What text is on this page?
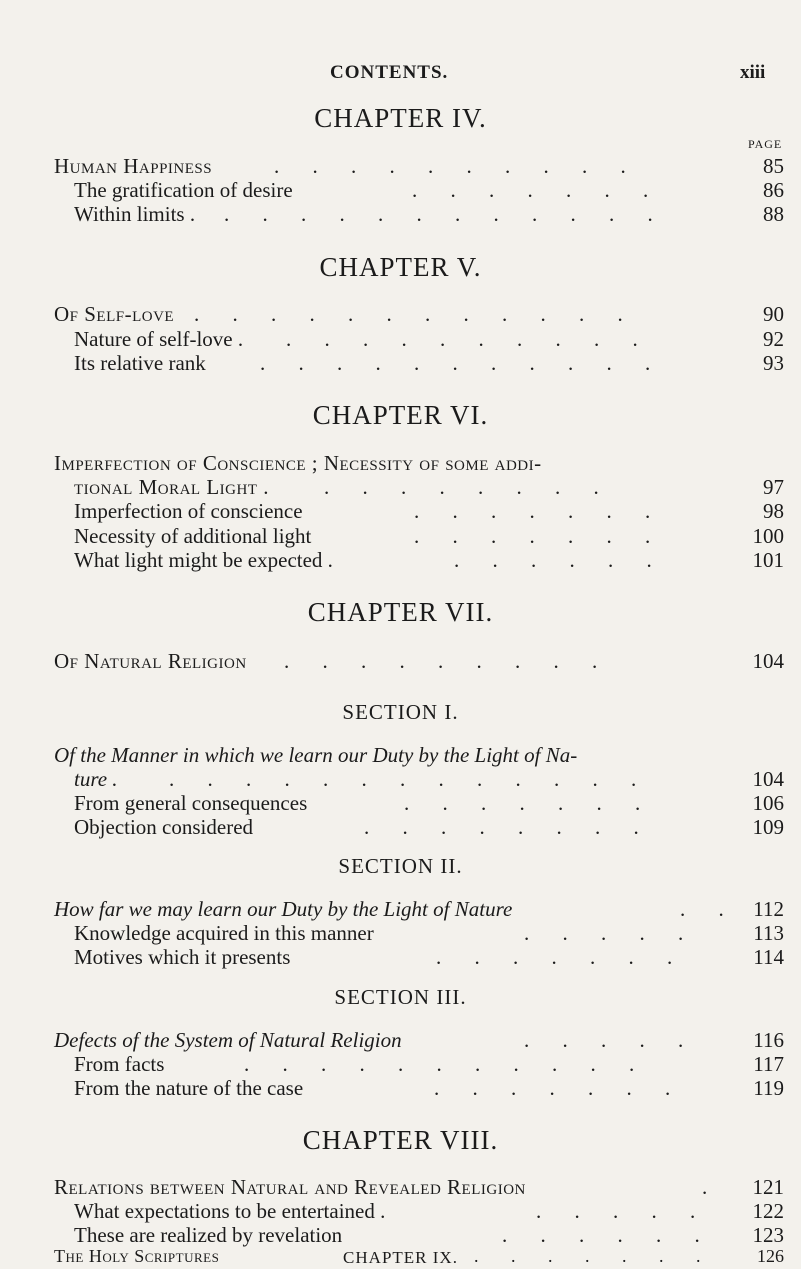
CONTENTS.	xiii
CHAPTER IV.
PAGE
Human Happiness	. . . . . . . . . .	85
The gratification of desire	. . . . . . .	86
Within limits . . . . . . . . . . . . .	88
CHAPTER V.
Of Self-love . . . . . . . . . . . .	90
Nature of self-love . . . . . . . . . . .	92
Its relative rank	. . . . . . . . . . .	93
CHAPTER VI.
Imperfection of Conscience ; Necessity of some addi-
tional Moral Light .	. . . . . . . .	97
Imperfection of conscience	. . . . . . .	98
Necessity of additional light	. . . . . . .	100
What light might be expected .	. . . . . .	101
CHAPTER VII.
Of Natural Religion . . . . . . . . .	104
SECTION I.
Of the Manner in which we learn our Duty by the Light of Na-
ture . . . . . . . . . . . . . .	104
From general consequences	. . . . . . .	106
Objection considered	. . . . . . . .	109
SECTION II.
How far we may learn our Duty by the Light of Nature	. . 112
Knowledge acquired in this manner	. . . . .	113
Motives which it presents	. . . . . . .	114
SECTION III.
Defects of the System of Natural Religion	. . . . .	116
From facts	. . . . . . . . . . .	117
From the nature of the case	. . . . . . .	119
CHAPTER VIII.
Relations between Natural and Revealed Religion	. 121
What expectations to be entertained .	. . . . . 122
These are realized by revelation	. . . . . . 123
CHAPTER IX.
The Holy Scriptures	. . . . . . . 126
